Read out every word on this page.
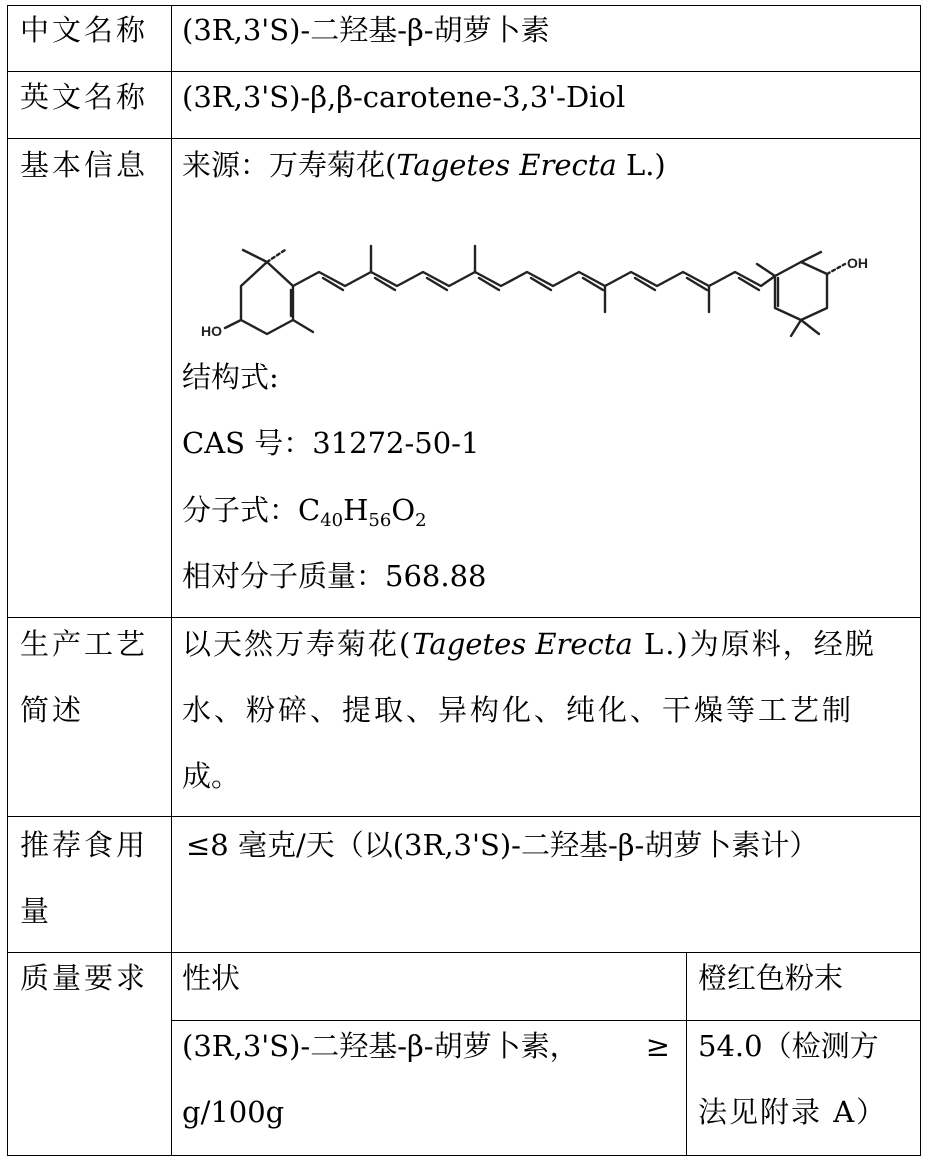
中文名称 (3R,3'S)-二羟基-β-胡萝卜素
英文名称 (3R,3'S)-β,β-carotene-3,3'-Diol
基本信息 来源：万寿菊花(Tagetes Erecta L.)
HO
OH
结构式:
CAS 号：31272-50-1
分子式：$C_{40}H_{56}O_2$
相对分子质量：568.88
生产工艺
简述
以天然万寿菊花(Tagetes Erecta L.)为原料，经脱
水、粉碎、提取、异构化、纯化、干燥等工艺制
成。
推荐食用
量
≤8 毫克/天（以(3R,3'S)-二羟基-β-胡萝卜素计）
质量要求 性状	橙红色粉末
(3R,3'S)-二羟基-β-胡萝卜素， ≥
g/100g
54.0（检测方
法见附录 A）
